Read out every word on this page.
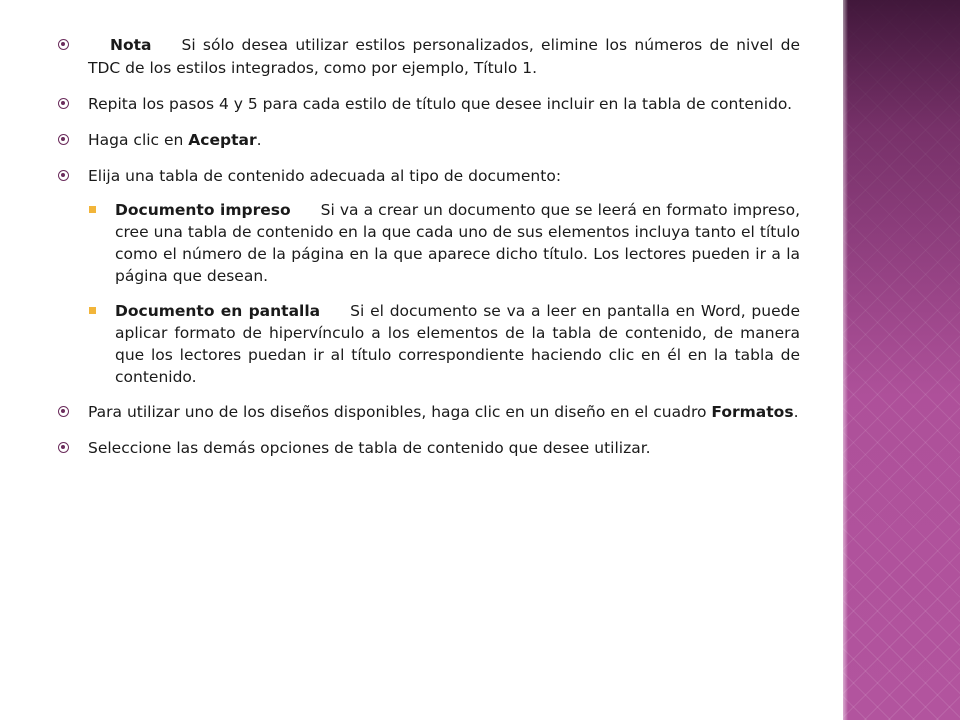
Nota Si sólo desea utilizar estilos personalizados, elimine los números de nivel de TDC de los estilos integrados, como por ejemplo, Título 1.
Repita los pasos 4 y 5 para cada estilo de título que desee incluir en la tabla de contenido.
Haga clic en Aceptar.
Elija una tabla de contenido adecuada al tipo de documento:
Documento impreso Si va a crear un documento que se leerá en formato impreso, cree una tabla de contenido en la que cada uno de sus elementos incluya tanto el título como el número de la página en la que aparece dicho título. Los lectores pueden ir a la página que desean.
Documento en pantalla Si el documento se va a leer en pantalla en Word, puede aplicar formato de hipervínculo a los elementos de la tabla de contenido, de manera que los lectores puedan ir al título correspondiente haciendo clic en él en la tabla de contenido.
Para utilizar uno de los diseños disponibles, haga clic en un diseño en el cuadro Formatos.
Seleccione las demás opciones de tabla de contenido que desee utilizar.
